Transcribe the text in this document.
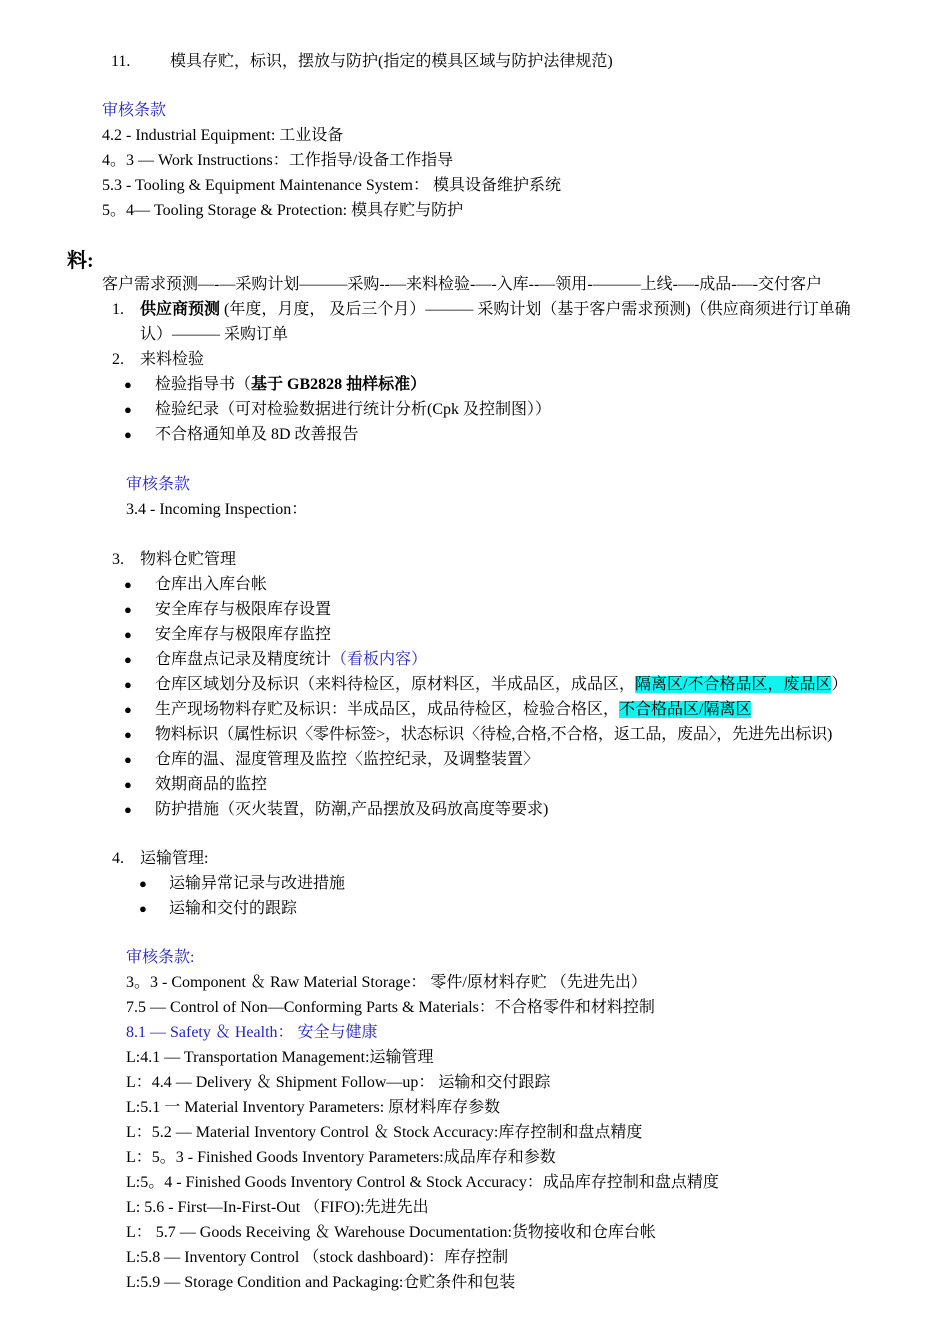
11. 模具存贮，标识，摆放与防护(指定的模具区域与防护法律规范)
审核条款
4.2 - Industrial Equipment: 工业设备
4。3 — Work Instructions：工作指导/设备工作指导
5.3 - Tooling & Equipment Maintenance System： 模具设备维护系统
5。4— Tooling Storage & Protection: 模具存贮与防护
料:
客户需求预测—-—采购计划———采购--—来料检验-—-入库--—领用-———上线-—-成品-—-交付客户
1. 供应商预测 (年度，月度， 及后三个月）――― 采购计划（基于客户需求预测)（供应商须进行订单确
认）――― 采购订单
2. 来料检验
● 检验指导书（基于 GB2828 抽样标准）
● 检验纪录（可对检验数据进行统计分析(Cpk 及控制图））
● 不合格通知单及 8D 改善报告
审核条款
3.4 - Incoming Inspection：
3. 物料仓贮管理
● 仓库出入库台帐
● 安全库存与极限库存设置
● 安全库存与极限库存监控
● 仓库盘点记录及精度统计（看板内容）
● 仓库区域划分及标识（来料待检区，原材料区，半成品区，成品区，隔离区/不合格品区，废品区）
● 生产现场物料存贮及标识：半成品区，成品待检区，检验合格区，不合格品区/隔离区
● 物料标识（属性标识〈零件标签>，状态标识〈待检,合格,不合格，返工品，废品〉，先进先出标识)
● 仓库的温、湿度管理及监控〈监控纪录，及调整装置〉
● 效期商品的监控
● 防护措施（灭火装置，防潮,产品摆放及码放高度等要求)
4. 运输管理:
● 运输异常记录与改进措施
● 运输和交付的跟踪
审核条款:
3。3 - Component ＆ Raw Material Storage： 零件/原材料存贮 （先进先出）
7.5 — Control of Non—Conforming Parts & Materials：不合格零件和材料控制
8.1 — Safety ＆ Health： 安全与健康
L:4.1 — Transportation Management:运输管理
L：4.4 — Delivery ＆ Shipment Follow—up： 运输和交付跟踪
L:5.1 一 Material Inventory Parameters: 原材料库存参数
L：5.2 — Material Inventory Control ＆ Stock Accuracy:库存控制和盘点精度
L：5。3 - Finished Goods Inventory Parameters:成品库存和参数
L:5。4 - Finished Goods Inventory Control & Stock Accuracy：成品库存控制和盘点精度
L: 5.6 - First—In-First-Out （FIFO):先进先出
L： 5.7 — Goods Receiving ＆ Warehouse Documentation:货物接收和仓库台帐
L:5.8 — Inventory Control （stock dashboard)：库存控制
L:5.9 — Storage Condition and Packaging:仓贮条件和包装
